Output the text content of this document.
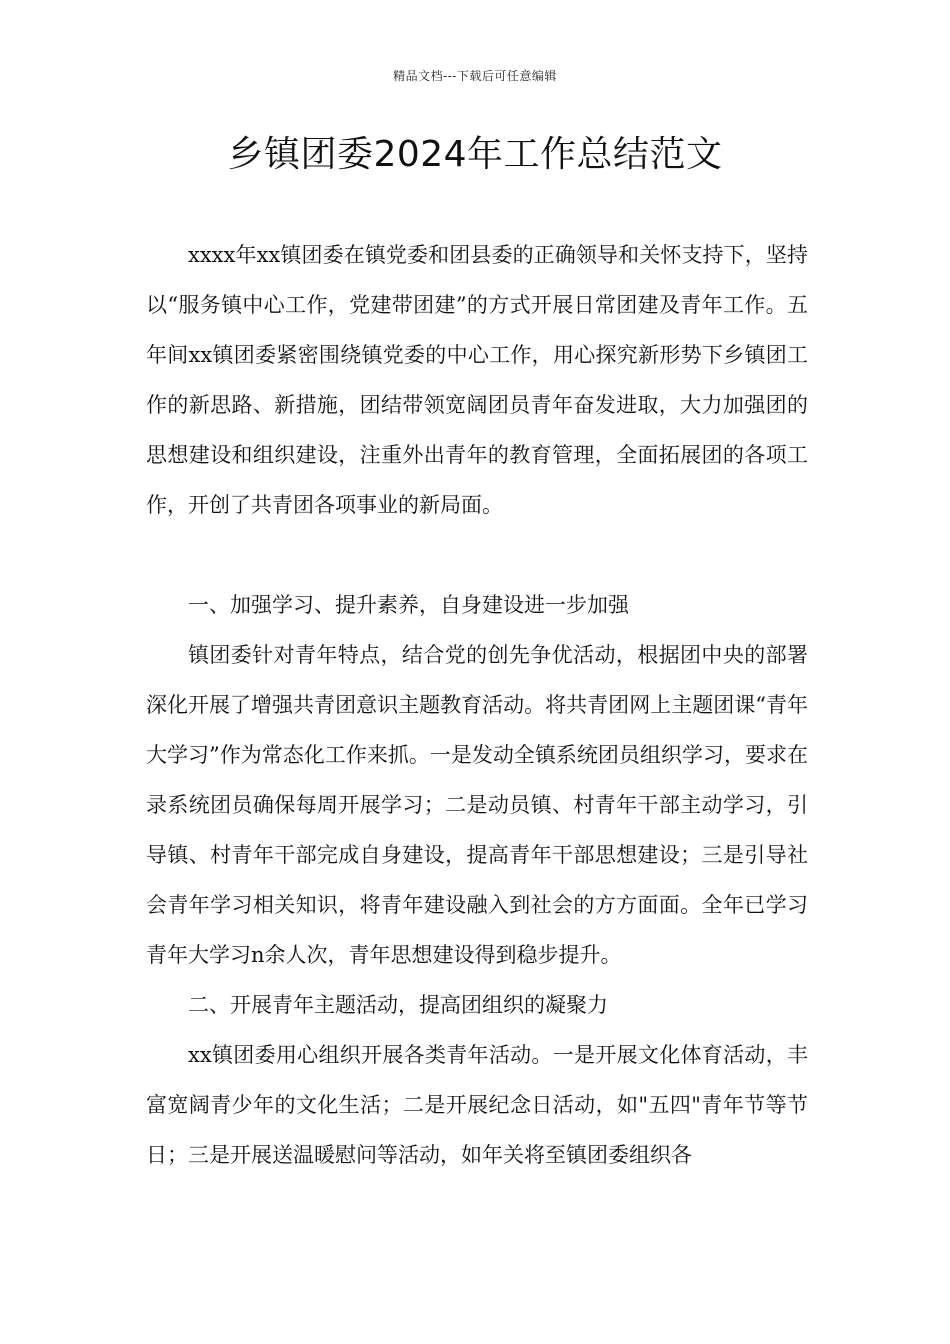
精品文档---下载后可任意编辑
乡镇团委2024年工作总结范文

xxxx年xx镇团委在镇党委和团县委的正确领导和关怀支持下，坚持以“服务镇中心工作，党建带团建”的方式开展日常团建及青年工作。五年间xx镇团委紧密围绕镇党委的中心工作，用心探究新形势下乡镇团工作的新思路、新措施，团结带领宽阔团员青年奋发进取，大力加强团的思想建设和组织建设，注重外出青年的教育管理，全面拓展团的各项工作，开创了共青团各项事业的新局面。

一、加强学习、提升素养，自身建设进一步加强

镇团委针对青年特点，结合党的创先争优活动，根据团中央的部署深化开展了增强共青团意识主题教育活动。将共青团网上主题团课“青年大学习”作为常态化工作来抓。一是发动全镇系统团员组织学习，要求在录系统团员确保每周开展学习；二是动员镇、村青年干部主动学习，引导镇、村青年干部完成自身建设，提高青年干部思想建设；三是引导社会青年学习相关知识，将青年建设融入到社会的方方面面。全年已学习青年大学习n余人次，青年思想建设得到稳步提升。

二、开展青年主题活动，提高团组织的凝聚力

xx镇团委用心组织开展各类青年活动。一是开展文化体育活动，丰富宽阔青少年的文化生活；二是开展纪念日活动，如"五四"青年节等节日；三是开展送温暖慰问等活动，如年关将至镇团委组织各
